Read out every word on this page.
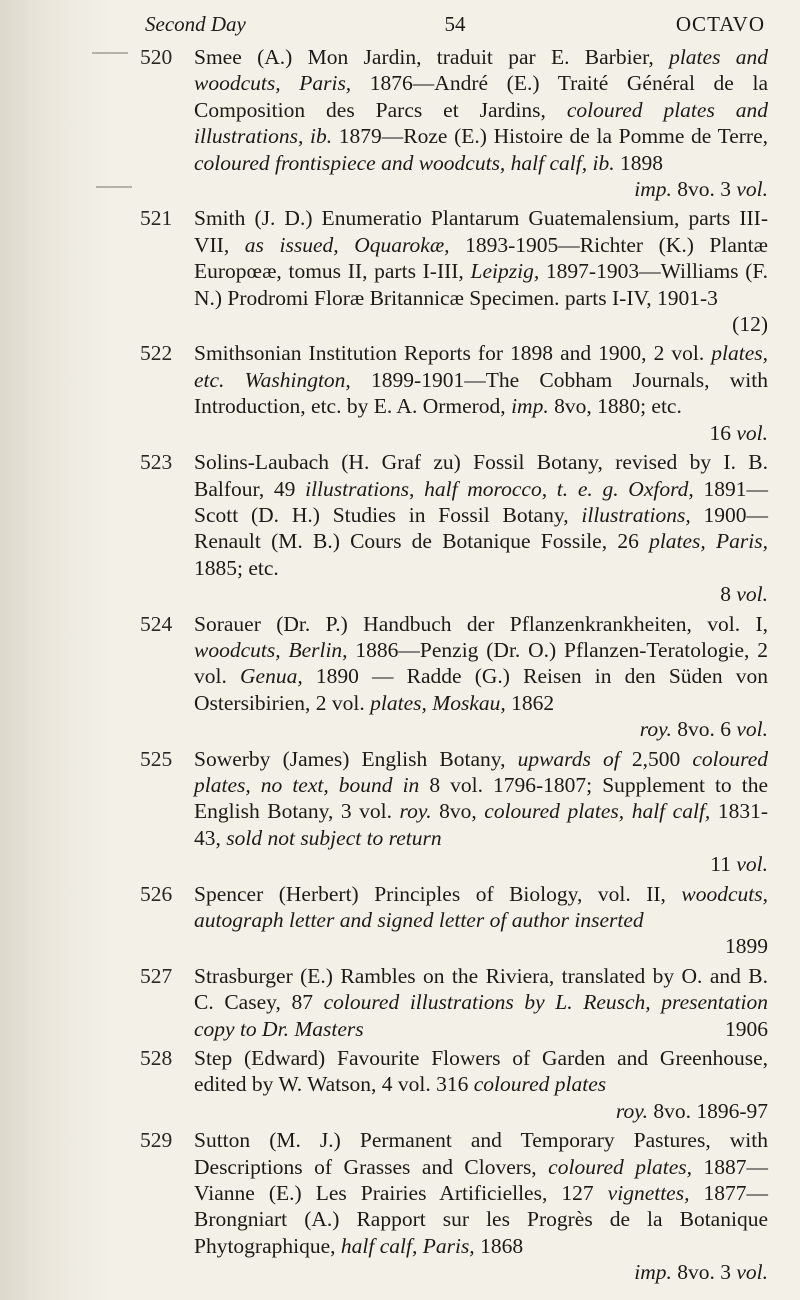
Second Day	54	OCTAVO
520	Smee (A.) Mon Jardin, traduit par E. Barbier, plates and woodcuts, Paris, 1876—André (E.) Traité Général de la Composition des Parcs et Jardins, coloured plates and illustrations, ib. 1879—Roze (E.) Histoire de la Pomme de Terre, coloured frontispiece and woodcuts, half calf, ib. 1898
imp. 8vo. 3 vol.
521	Smith (J. D.) Enumeratio Plantarum Guatemalensium, parts III-VII, as issued, Oquarokæ, 1893-1905—Richter (K.) Plantæ Europœæ, tomus II, parts I-III, Leipzig, 1897-1903—Williams (F. N.) Prodromi Floræ Britannicæ Specimen. parts I-IV, 1901-3
(12)
522	Smithsonian Institution Reports for 1898 and 1900, 2 vol. plates, etc. Washington, 1899-1901—The Cobham Journals, with Introduction, etc. by E. A. Ormerod, imp. 8vo, 1880; etc.
16 vol.
523	Solins-Laubach (H. Graf zu) Fossil Botany, revised by I. B. Balfour, 49 illustrations, half morocco, t. e. g. Oxford, 1891—Scott (D. H.) Studies in Fossil Botany, illustrations, 1900—Renault (M. B.) Cours de Botanique Fossile, 26 plates, Paris, 1885; etc.
8 vol.
524	Sorauer (Dr. P.) Handbuch der Pflanzenkrankheiten, vol. I, woodcuts, Berlin, 1886—Penzig (Dr. O.) Pflanzen-Teratologie, 2 vol. Genua, 1890 — Radde (G.) Reisen in den Süden von Ostersibirien, 2 vol. plates, Moskau, 1862
roy. 8vo. 6 vol.
525	Sowerby (James) English Botany, upwards of 2,500 coloured plates, no text, bound in 8 vol. 1796-1807; Supplement to the English Botany, 3 vol. roy. 8vo, coloured plates, half calf, 1831-43, sold not subject to return
11 vol.
526	Spencer (Herbert) Principles of Biology, vol. II, woodcuts, autograph letter and signed letter of author inserted
1899
527	Strasburger (E.) Rambles on the Riviera, translated by O. and B. C. Casey, 87 coloured illustrations by L. Reusch, presentation copy to Dr. Masters	1906
528	Step (Edward) Favourite Flowers of Garden and Greenhouse, edited by W. Watson, 4 vol. 316 coloured plates
roy. 8vo. 1896-97
529	Sutton (M. J.) Permanent and Temporary Pastures, with Descriptions of Grasses and Clovers, coloured plates, 1887—Vianne (E.) Les Prairies Artificielles, 127 vignettes, 1877—Brongniart (A.) Rapport sur les Progrès de la Botanique Phytographique, half calf, Paris, 1868
imp. 8vo. 3 vol.
